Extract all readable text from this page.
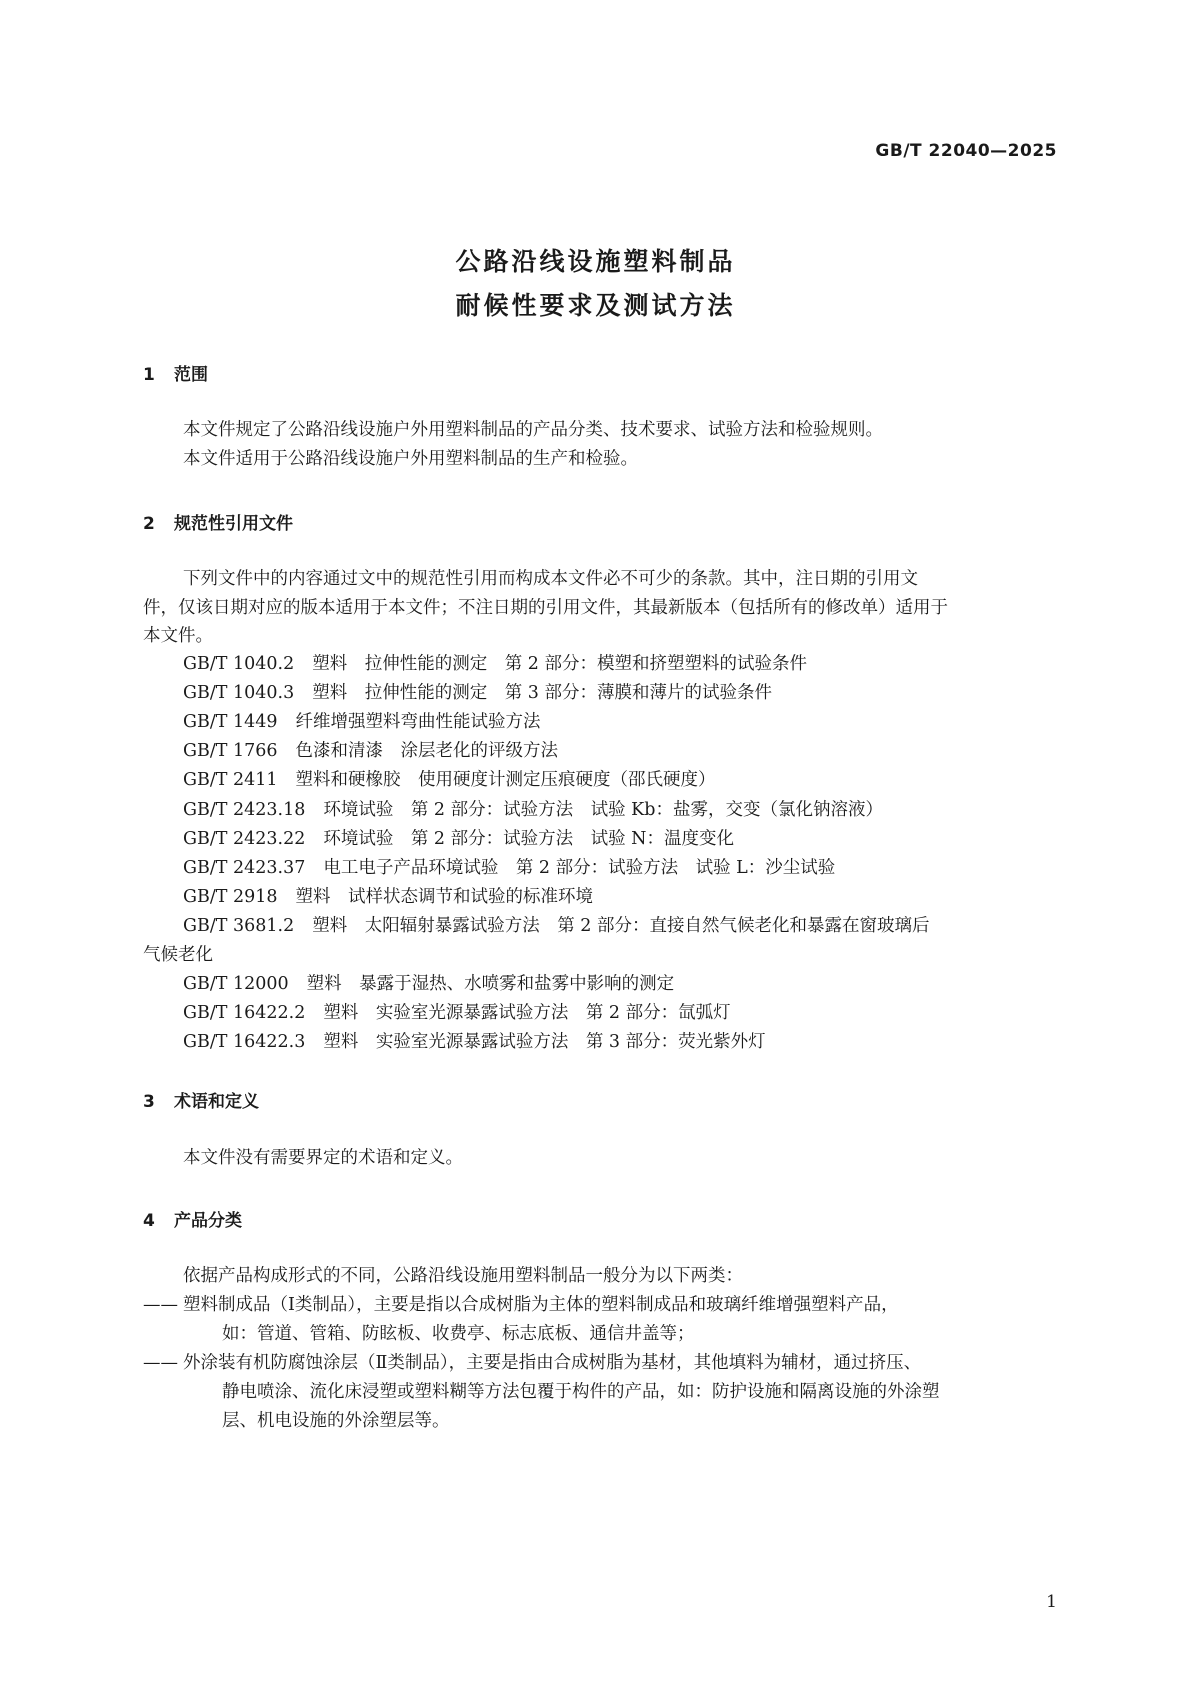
GB/T 22040—2025
公路沿线设施塑料制品
耐候性要求及测试方法
1 范围
本文件规定了公路沿线设施户外用塑料制品的产品分类、技术要求、试验方法和检验规则。
本文件适用于公路沿线设施户外用塑料制品的生产和检验。
2 规范性引用文件
下列文件中的内容通过文中的规范性引用而构成本文件必不可少的条款。其中，注日期的引用文
件，仅该日期对应的版本适用于本文件；不注日期的引用文件，其最新版本（包括所有的修改单）适用于
本文件。
GB/T 1040.2 塑料　拉伸性能的测定　第 2 部分：模塑和挤塑塑料的试验条件
GB/T 1040.3 塑料　拉伸性能的测定　第 3 部分：薄膜和薄片的试验条件
GB/T 1449 纤维增强塑料弯曲性能试验方法
GB/T 1766 色漆和清漆　涂层老化的评级方法
GB/T 2411 塑料和硬橡胶　使用硬度计测定压痕硬度（邵氏硬度）
GB/T 2423.18 环境试验　第 2 部分：试验方法　试验 Kb：盐雾，交变（氯化钠溶液）
GB/T 2423.22 环境试验　第 2 部分：试验方法　试验 N：温度变化
GB/T 2423.37 电工电子产品环境试验　第 2 部分：试验方法　试验 L：沙尘试验
GB/T 2918 塑料　试样状态调节和试验的标准环境
GB/T 3681.2 塑料　太阳辐射暴露试验方法　第 2 部分：直接自然气候老化和暴露在窗玻璃后
气候老化
GB/T 12000 塑料　暴露于湿热、水喷雾和盐雾中影响的测定
GB/T 16422.2 塑料　实验室光源暴露试验方法　第 2 部分：氙弧灯
GB/T 16422.3 塑料　实验室光源暴露试验方法　第 3 部分：荧光紫外灯
3 术语和定义
本文件没有需要界定的术语和定义。
4 产品分类
依据产品构成形式的不同，公路沿线设施用塑料制品一般分为以下两类：
—— 塑料制成品（Ⅰ类制品），主要是指以合成树脂为主体的塑料制成品和玻璃纤维增强塑料产品，
如：管道、管箱、防眩板、收费亭、标志底板、通信井盖等；
—— 外涂装有机防腐蚀涂层（Ⅱ类制品），主要是指由合成树脂为基材，其他填料为辅材，通过挤压、
静电喷涂、流化床浸塑或塑料糊等方法包覆于构件的产品，如：防护设施和隔离设施的外涂塑
层、机电设施的外涂塑层等。
1
